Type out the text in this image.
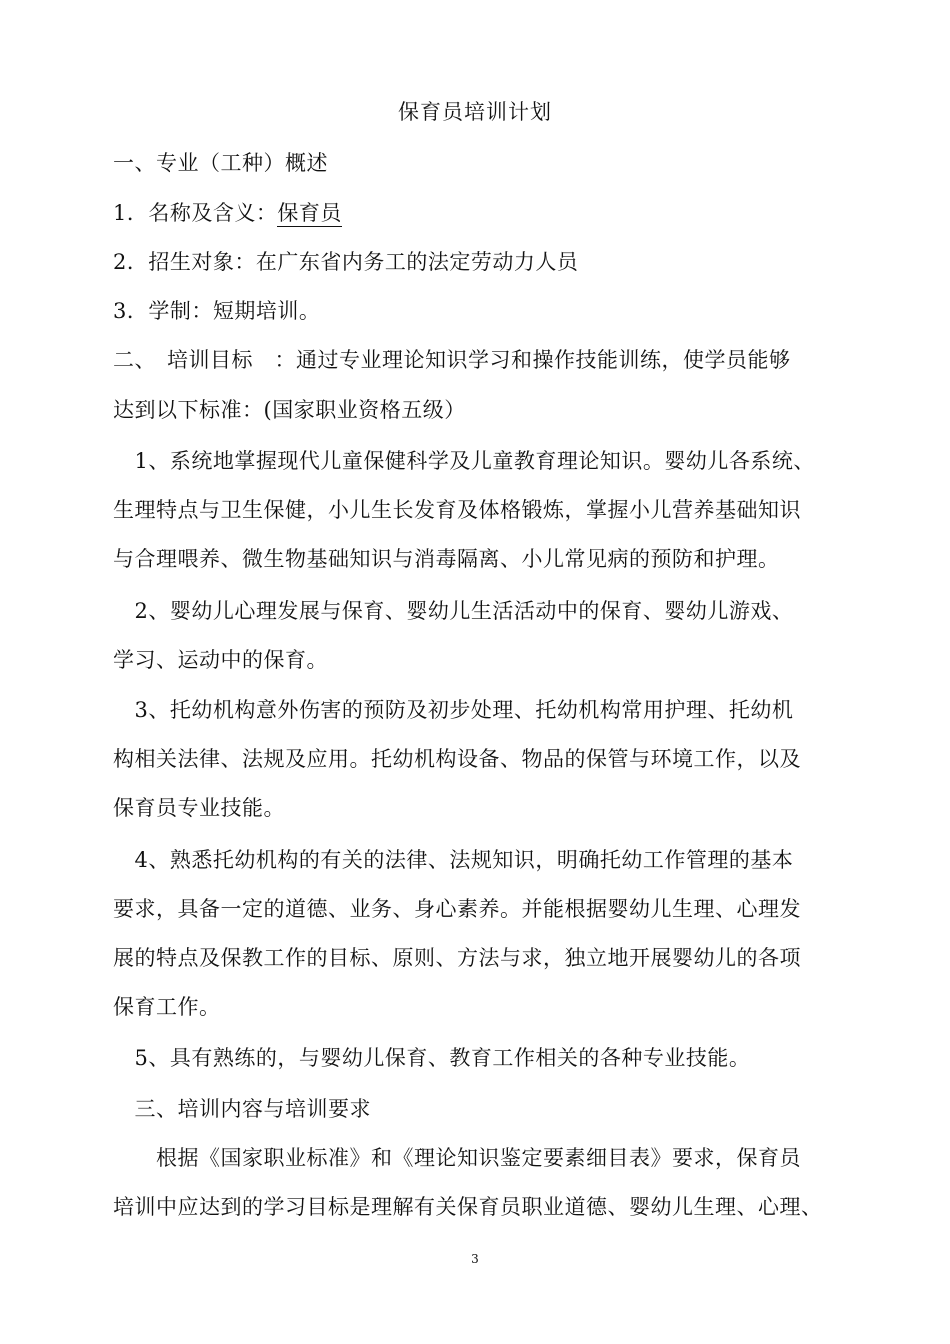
保育员培训计划
一、专业（工种）概述
1．名称及含义：保育员
2．招生对象：在广东省内务工的法定劳动力人员
3．学制：短期培训。
二、　培训目标　：通过专业理论知识学习和操作技能训练，使学员能够
达到以下标准：(国家职业资格五级）
　1、系统地掌握现代儿童保健科学及儿童教育理论知识。婴幼儿各系统、
生理特点与卫生保健，小儿生长发育及体格锻炼，掌握小儿营养基础知识
与合理喂养、微生物基础知识与消毒隔离、小儿常见病的预防和护理。
　2、婴幼儿心理发展与保育、婴幼儿生活活动中的保育、婴幼儿游戏、
学习、运动中的保育。
　3、托幼机构意外伤害的预防及初步处理、托幼机构常用护理、托幼机
构相关法律、法规及应用。托幼机构设备、物品的保管与环境工作，以及
保育员专业技能。
　4、熟悉托幼机构的有关的法律、法规知识，明确托幼工作管理的基本
要求，具备一定的道德、业务、身心素养。并能根据婴幼儿生理、心理发
展的特点及保教工作的目标、原则、方法与求，独立地开展婴幼儿的各项
保育工作。
　5、具有熟练的，与婴幼儿保育、教育工作相关的各种专业技能。
　三、培训内容与培训要求
　　根据《国家职业标准》和《理论知识鉴定要素细目表》要求，保育员
培训中应达到的学习目标是理解有关保育员职业道德、婴幼儿生理、心理、
3
